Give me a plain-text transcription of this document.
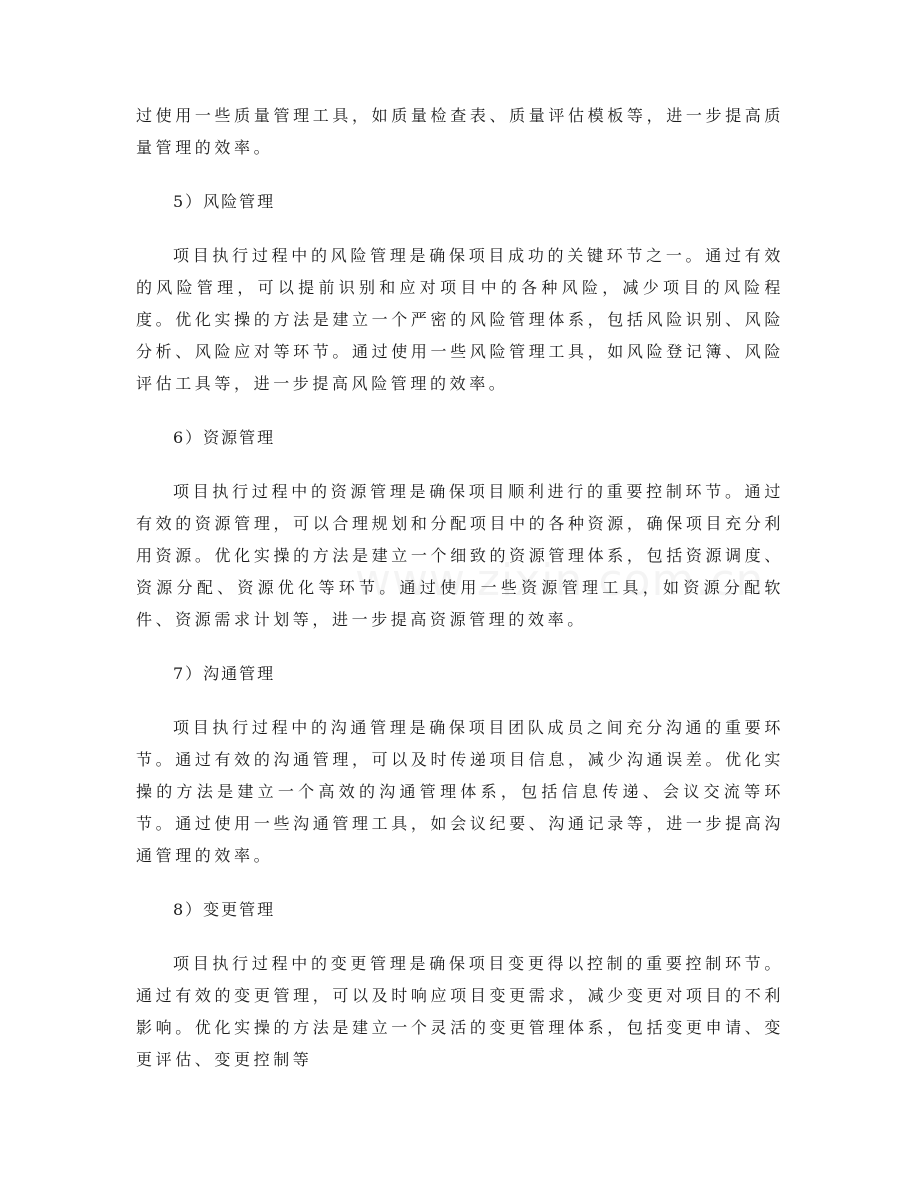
过使用一些质量管理工具，如质量检查表、质量评估模板等，进一步提高质量管理的效率。

5）风险管理

项目执行过程中的风险管理是确保项目成功的关键环节之一。通过有效的风险管理，可以提前识别和应对项目中的各种风险，减少项目的风险程度。优化实操的方法是建立一个严密的风险管理体系，包括风险识别、风险分析、风险应对等环节。通过使用一些风险管理工具，如风险登记簿、风险评估工具等，进一步提高风险管理的效率。

6）资源管理

项目执行过程中的资源管理是确保项目顺利进行的重要控制环节。通过有效的资源管理，可以合理规划和分配项目中的各种资源，确保项目充分利用资源。优化实操的方法是建立一个细致的资源管理体系，包括资源调度、资源分配、资源优化等环节。通过使用一些资源管理工具，如资源分配软件、资源需求计划等，进一步提高资源管理的效率。

7）沟通管理

项目执行过程中的沟通管理是确保项目团队成员之间充分沟通的重要环节。通过有效的沟通管理，可以及时传递项目信息，减少沟通误差。优化实操的方法是建立一个高效的沟通管理体系，包括信息传递、会议交流等环节。通过使用一些沟通管理工具，如会议纪要、沟通记录等，进一步提高沟通管理的效率。

8）变更管理

项目执行过程中的变更管理是确保项目变更得以控制的重要控制环节。通过有效的变更管理，可以及时响应项目变更需求，减少变更对项目的不利影响。优化实操的方法是建立一个灵活的变更管理体系，包括变更申请、变更评估、变更控制等
